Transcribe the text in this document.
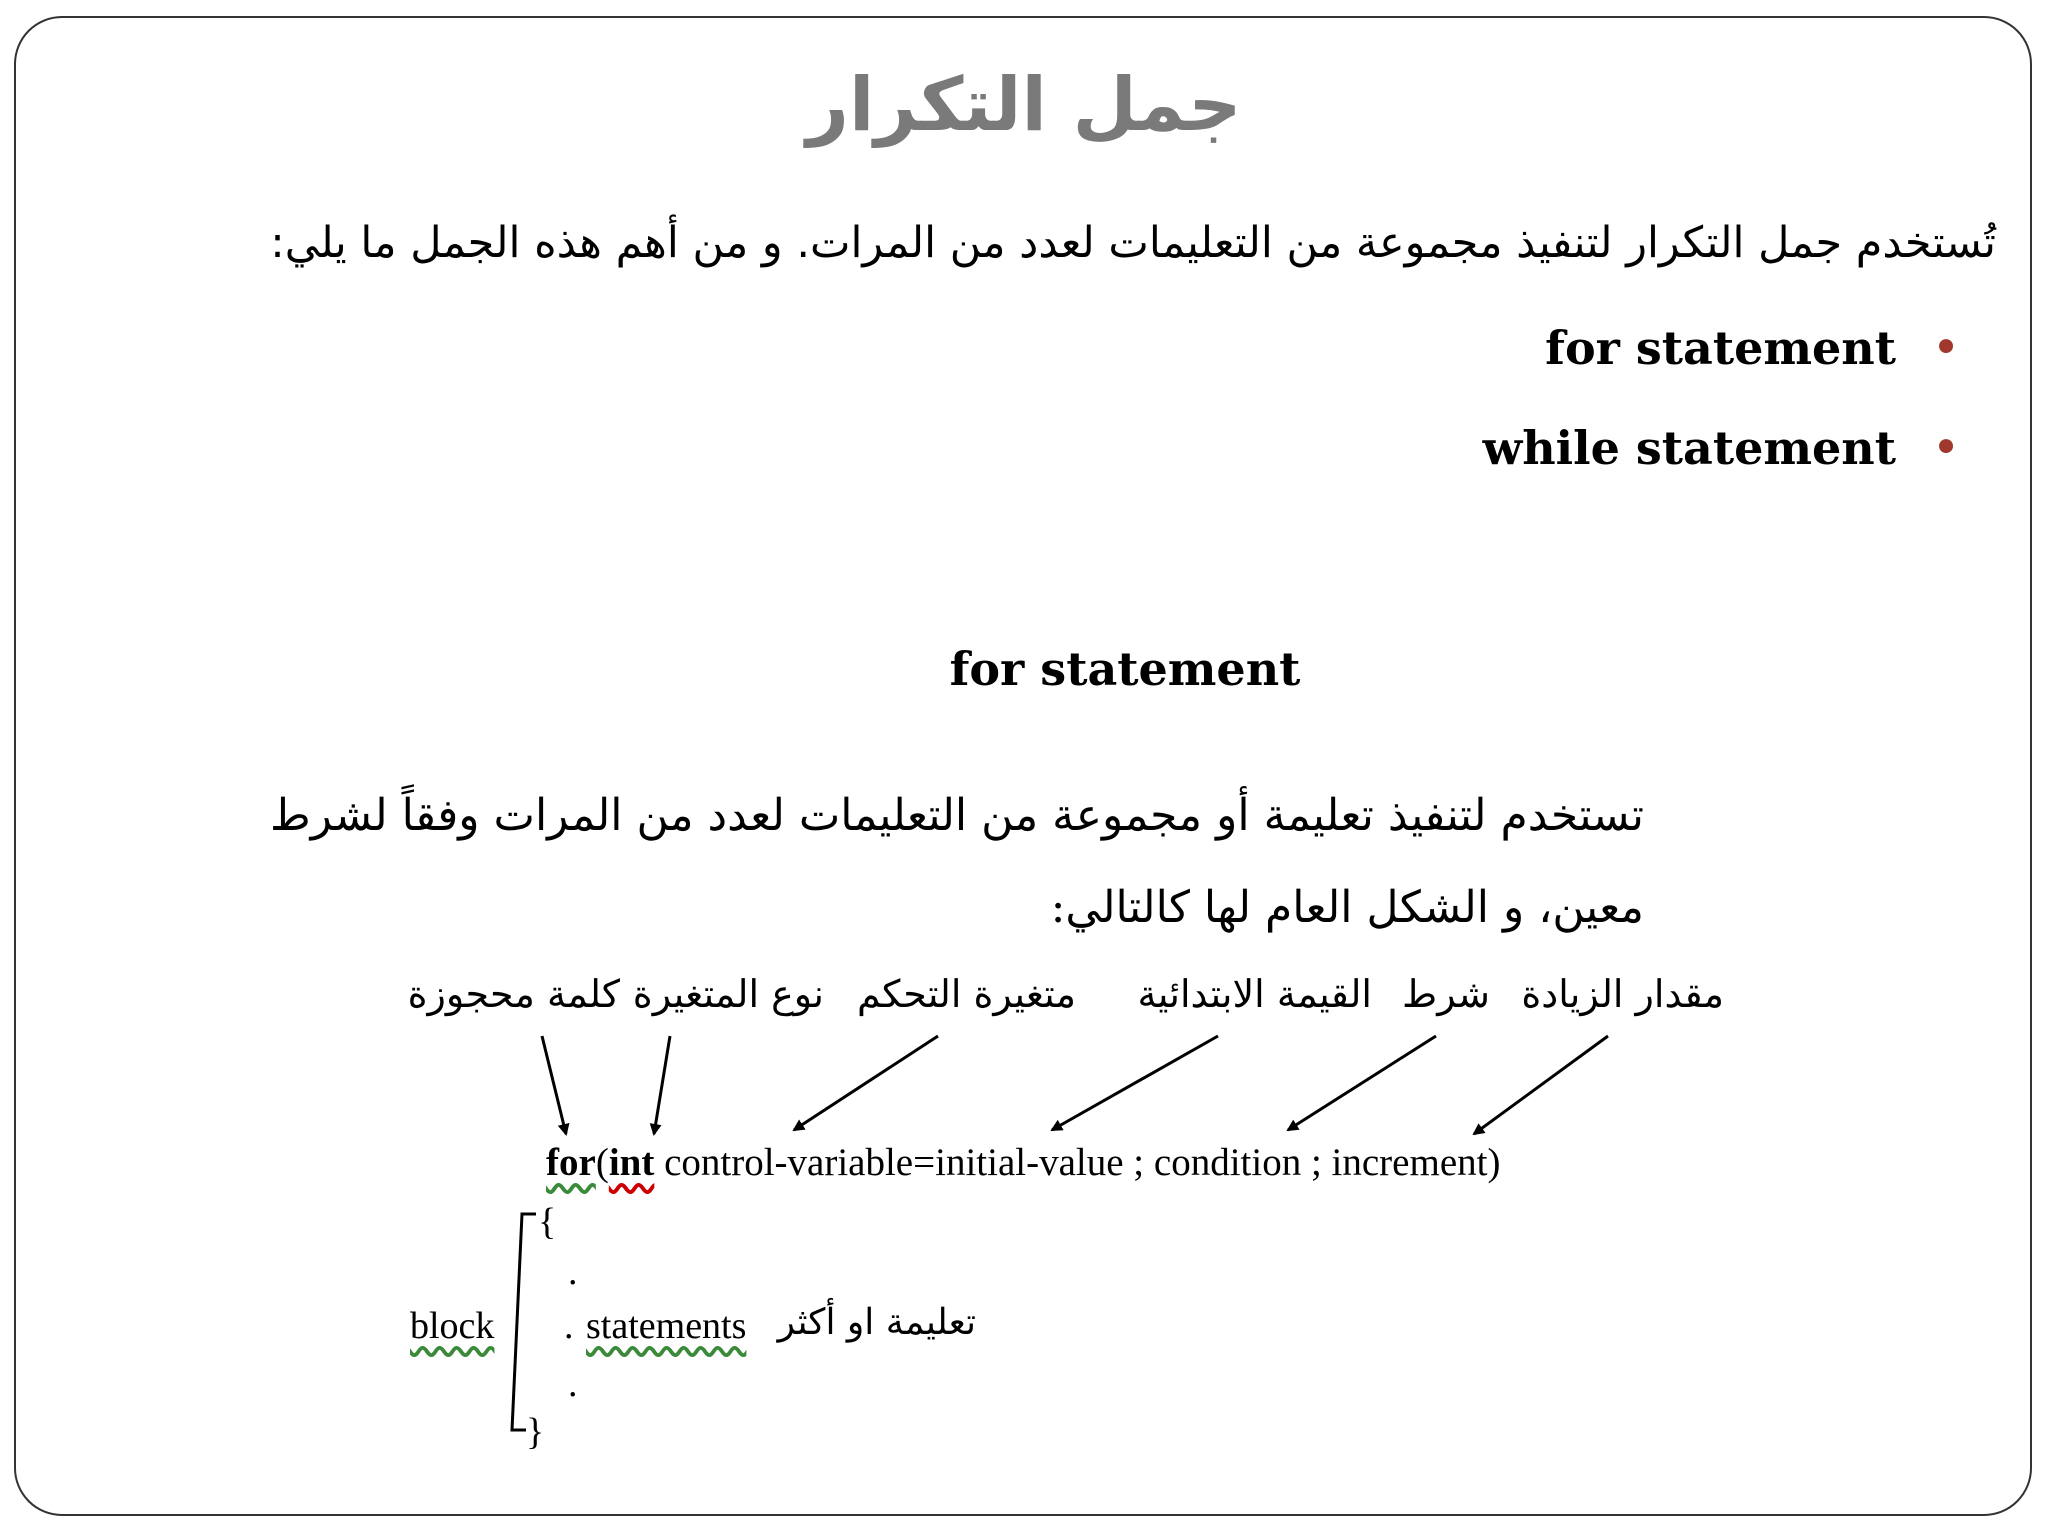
جمل التكرار
تُستخدم جمل التكرار لتنفيذ مجموعة من التعليمات لعدد من المرات. و من أهم هذه الجمل ما يلي:
•
for statement
•
while statement
for statement
تستخدم لتنفيذ تعليمة أو مجموعة من التعليمات لعدد من المرات وفقاً لشرط
معين، و الشكل العام لها كالتالي:
كلمة محجوزة نوع المتغيرة متغيرة التحكم القيمة الابتدائية شرط مقدار الزيادة
for(int control-variable=initial-value ; condition ; increment)
{
.
block . statements تعليمة او أكثر
.
}
